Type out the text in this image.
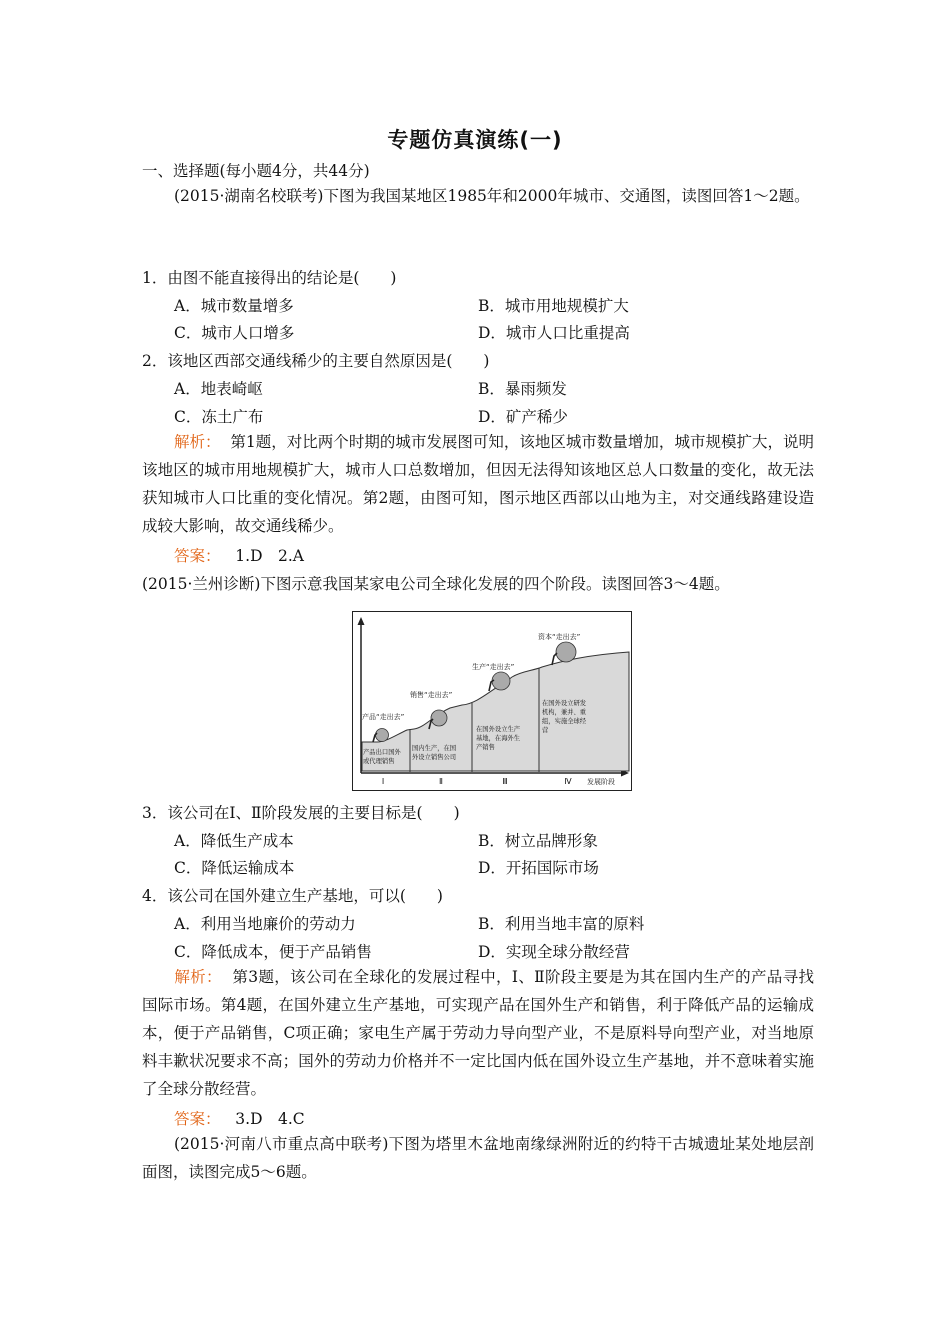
专题仿真演练(一)
一、选择题(每小题4分，共44分)
(2015·湖南名校联考)下图为我国某地区1985年和2000年城市、交通图，读图回答1～2题。
1．由图不能直接得出的结论是(　　)
A．城市数量增多	B．城市用地规模扩大
C．城市人口增多	D．城市人口比重提高
2．该地区西部交通线稀少的主要自然原因是(　　)
A．地表崎岖	B．暴雨频发
C．冻土广布	D．矿产稀少
解析： 第1题，对比两个时期的城市发展图可知，该地区城市数量增加，城市规模扩大，说明该地区的城市用地规模扩大，城市人口总数增加，但因无法得知该地区总人口数量的变化，故无法获知城市人口比重的变化情况。第2题，由图可知，图示地区西部以山地为主，对交通线路建设造成较大影响，故交通线稀少。
答案： 1.D　2.A
(2015·兰州诊断)下图示意我国某家电公司全球化发展的四个阶段。读图回答3～4题。
产品“走出去”
销售“走出去”
生产“走出去”
资本“走出去”
产品出口国外
或代理销售
国内生产，在国
外设立销售公司
在国外设立生产
基地，在海外生
产销售
在国外设立研发
机构，兼并、重
组，实施全球经
营
Ⅰ	Ⅱ	Ⅲ	Ⅳ 发展阶段
3．该公司在Ⅰ、Ⅱ阶段发展的主要目标是(　　)
A．降低生产成本	B．树立品牌形象
C．降低运输成本	D．开拓国际市场
4．该公司在国外建立生产基地，可以(　　)
A．利用当地廉价的劳动力	B．利用当地丰富的原料
C．降低成本，便于产品销售	D．实现全球分散经营
解析： 第3题，该公司在全球化的发展过程中，Ⅰ、Ⅱ阶段主要是为其在国内生产的产品寻找国际市场。第4题，在国外建立生产基地，可实现产品在国外生产和销售，利于降低产品的运输成本，便于产品销售，C项正确；家电生产属于劳动力导向型产业，不是原料导向型产业，对当地原料丰歉状况要求不高；国外的劳动力价格并不一定比国内低在国外设立生产基地，并不意味着实施了全球分散经营。
答案： 3.D　4.C
(2015·河南八市重点高中联考)下图为塔里木盆地南缘绿洲附近的约特干古城遗址某处地层剖面图，读图完成5～6题。
